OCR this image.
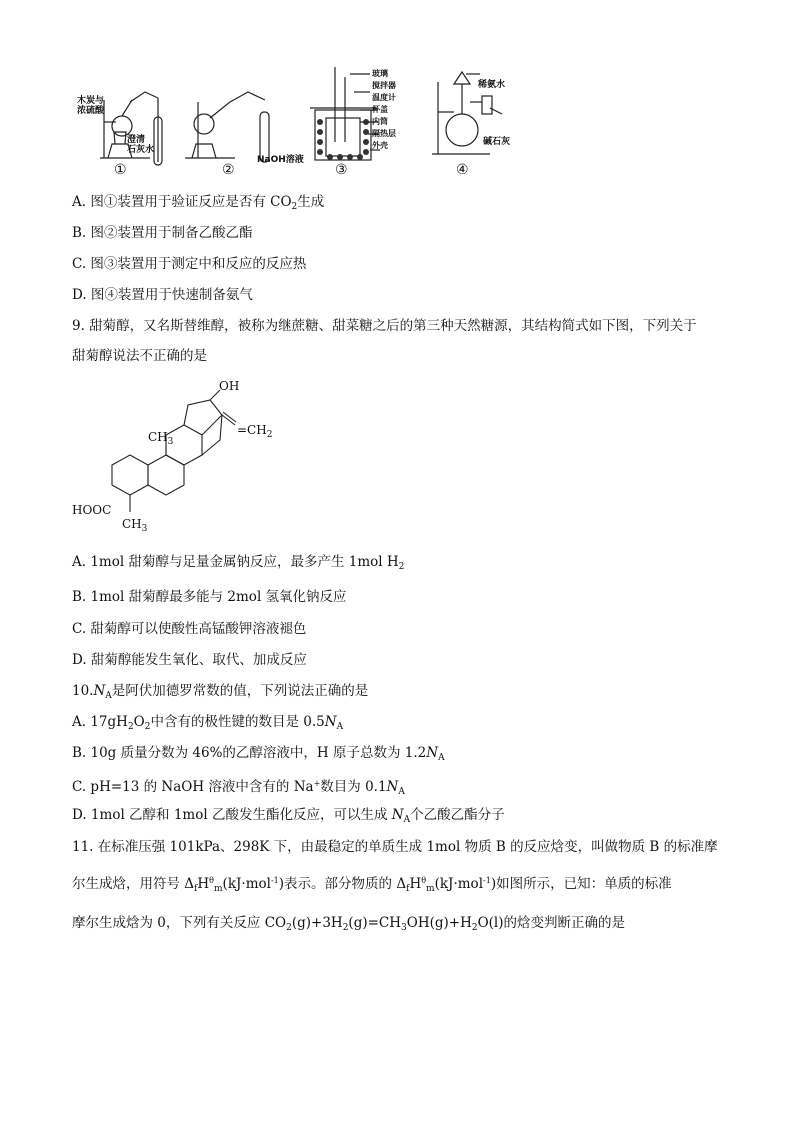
木炭与
浓硫酸
澄清
石灰水
NaOH溶液
玻璃
搅拌器
温度计
杯盖
内筒
隔热层
外壳
稀氨水
碱石灰
①	②	③	④
A. 图①装置用于验证反应是否有 $CO_2$生成
B. 图②装置用于制备乙酸乙酯
C. 图③装置用于测定中和反应的反应热
D. 图④装置用于快速制备氨气
9. 甜菊醇，又名斯替维醇，被称为继蔗糖、甜菜糖之后的第三种天然糖源，其结构简式如下图，下列关于
甜菊醇说法不正确的是
OH
$=CH_2$
$CH_3$
HOOC
$CH_3$
A. 1mol 甜菊醇与足量金属钠反应，最多产生 1mol $H_2$
B. 1mol 甜菊醇最多能与 2mol 氢氧化钠反应
C. 甜菊醇可以使酸性高锰酸钾溶液褪色
D. 甜菊醇能发生氧化、取代、加成反应
$10.N_A$是阿伏加德罗常数的值，下列说法正确的是
A. $17gH_2O_2$中含有的极性键的数目是 $0.5N_A$
B. 10g 质量分数为 46%的乙醇溶液中，H 原子总数为 $1.2N_A$
C. pH=13 的 NaOH 溶液中含有的 Na+数目为 $0.1N_A$
D. 1mol 乙醇和 1mol 乙酸发生酯化反应，可以生成 $N_A$个乙酸乙酯分子
11. 在标准压强 101kPa、298K 下，由最稳定的单质生成 1mol 物质 B 的反应焓变，叫做物质 B 的标准摩
尔生成焓，用符号 $\Delta_fH^\theta_m(kJ\cdot mol^{-1})$表示。部分物质的 $\Delta_fH^\theta_m(kJ\cdot mol^{-1})$如图所示，已知：单质的标准
摩尔生成焓为 0，下列有关反应 $CO_2(g)+3H_2(g)=CH_3OH(g)+H_2O(l)$的焓变判断正确的是
